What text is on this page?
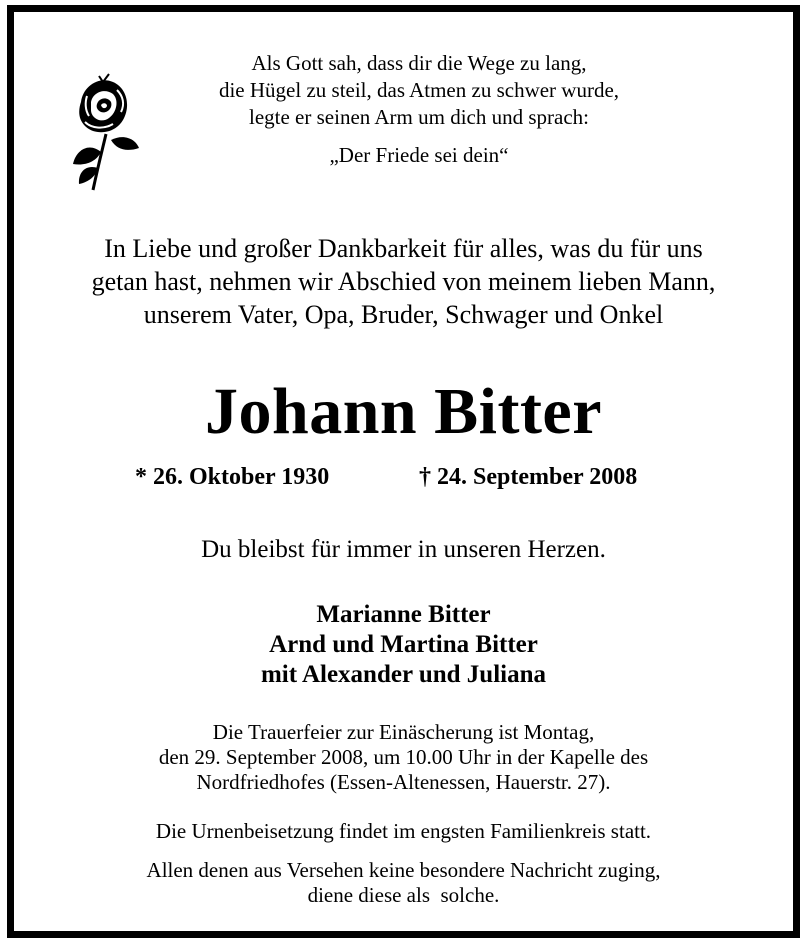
Als Gott sah, dass dir die Wege zu lang,
die Hügel zu steil, das Atmen zu schwer wurde,
legte er seinen Arm um dich und sprach:
„Der Friede sei dein“
In Liebe und großer Dankbarkeit für alles, was du für uns
getan hast, nehmen wir Abschied von meinem lieben Mann,
unserem Vater, Opa, Bruder, Schwager und Onkel
Johann Bitter
* 26. Oktober 1930	† 24. September 2008
Du bleibst für immer in unseren Herzen.
Marianne Bitter
Arnd und Martina Bitter
mit Alexander und Juliana
Die Trauerfeier zur Einäscherung ist Montag,
den 29. September 2008, um 10.00 Uhr in der Kapelle des
Nordfriedhofes (Essen-Altenessen, Hauerstr. 27).
Die Urnenbeisetzung findet im engsten Familienkreis statt.
Allen denen aus Versehen keine besondere Nachricht zuging,
diene diese als  solche.
